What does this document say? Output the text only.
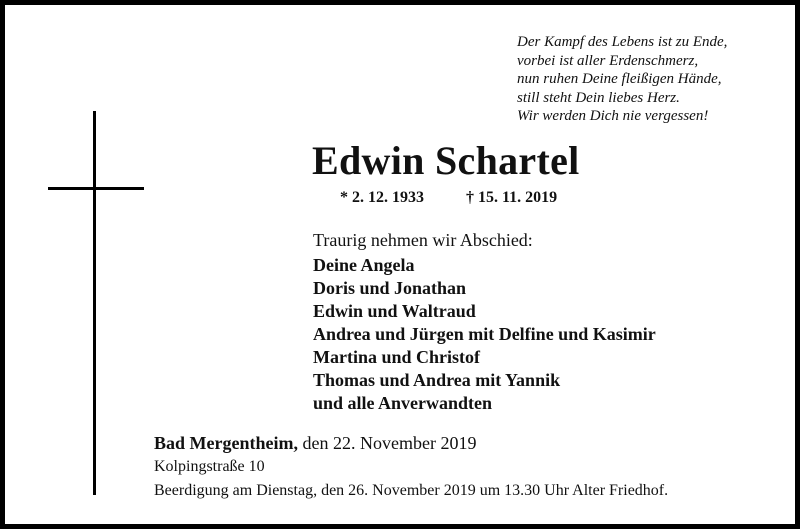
Der Kampf des Lebens ist zu Ende,
vorbei ist aller Erdenschmerz,
nun ruhen Deine fleißigen Hände,
still steht Dein liebes Herz.
Wir werden Dich nie vergessen!
Edwin Schartel
* 2. 12. 1933	† 15. 11. 2019
Traurig nehmen wir Abschied:
Deine Angela
Doris und Jonathan
Edwin und Waltraud
Andrea und Jürgen mit Delfine und Kasimir
Martina und Christof
Thomas und Andrea mit Yannik
und alle Anverwandten
Bad Mergentheim, den 22. November 2019
Kolpingstraße 10
Beerdigung am Dienstag, den 26. November 2019 um 13.30 Uhr Alter Friedhof.
